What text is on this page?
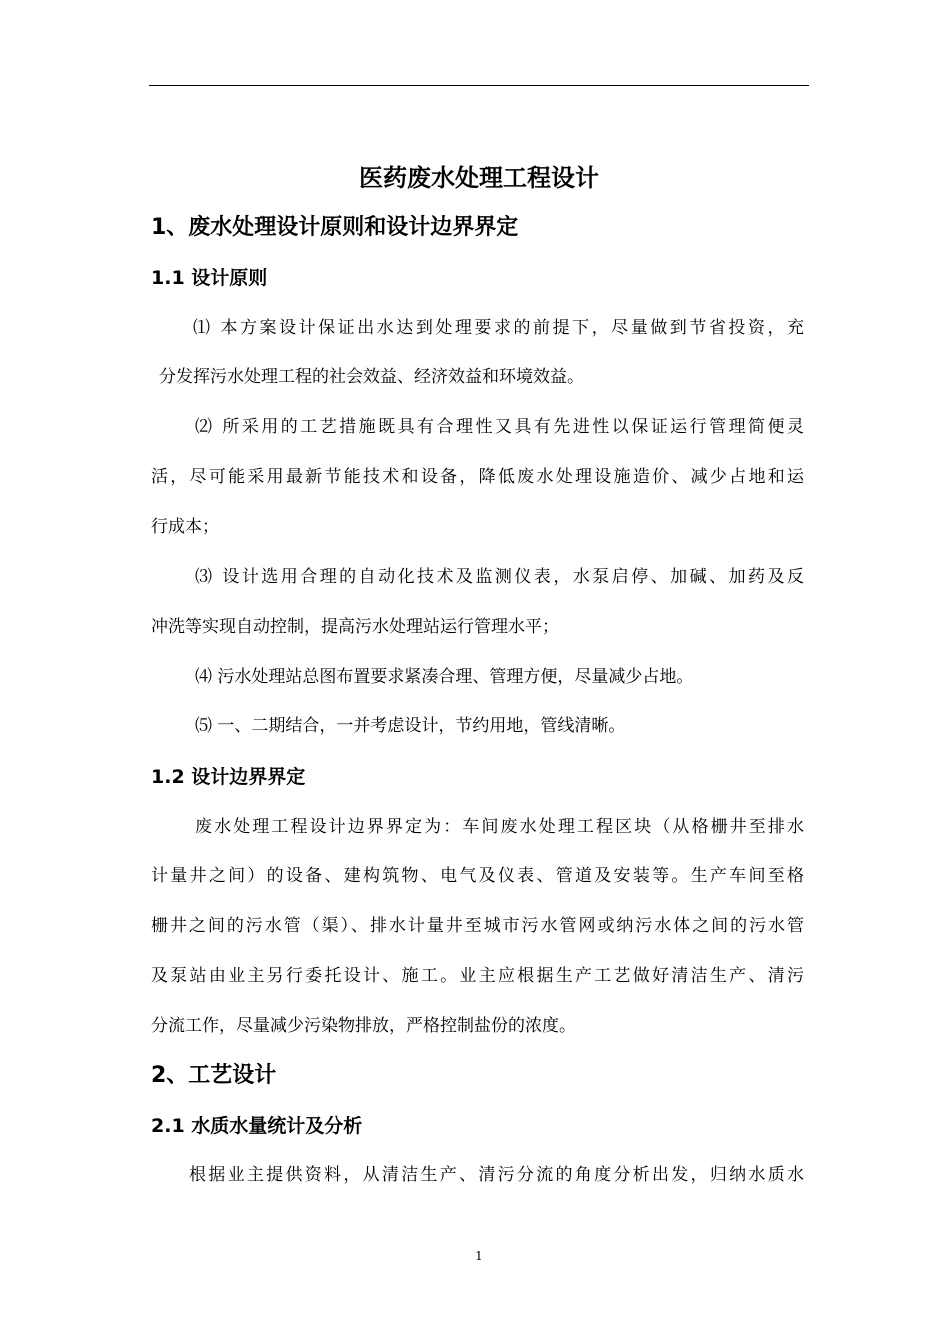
医药废水处理工程设计
1、废水处理设计原则和设计边界界定
1.1 设计原则
⑴ 本方案设计保证出水达到处理要求的前提下，尽量做到节省投资，充
分发挥污水处理工程的社会效益、经济效益和环境效益。
⑵ 所采用的工艺措施既具有合理性又具有先进性以保证运行管理简便灵
活，尽可能采用最新节能技术和设备，降低废水处理设施造价、减少占地和运
行成本；
⑶ 设计选用合理的自动化技术及监测仪表，水泵启停、加碱、加药及反
冲洗等实现自动控制，提高污水处理站运行管理水平；
⑷ 污水处理站总图布置要求紧凑合理、管理方便，尽量减少占地。
⑸ 一、二期结合，一并考虑设计，节约用地，管线清晰。
1.2 设计边界界定
废水处理工程设计边界界定为：车间废水处理工程区块（从格栅井至排水
计量井之间）的设备、建构筑物、电气及仪表、管道及安装等。生产车间至格
栅井之间的污水管（渠）、排水计量井至城市污水管网或纳污水体之间的污水管
及泵站由业主另行委托设计、施工。业主应根据生产工艺做好清洁生产、清污
分流工作，尽量减少污染物排放，严格控制盐份的浓度。
2、工艺设计
2.1 水质水量统计及分析
根据业主提供资料，从清洁生产、清污分流的角度分析出发，归纳水质水
1
